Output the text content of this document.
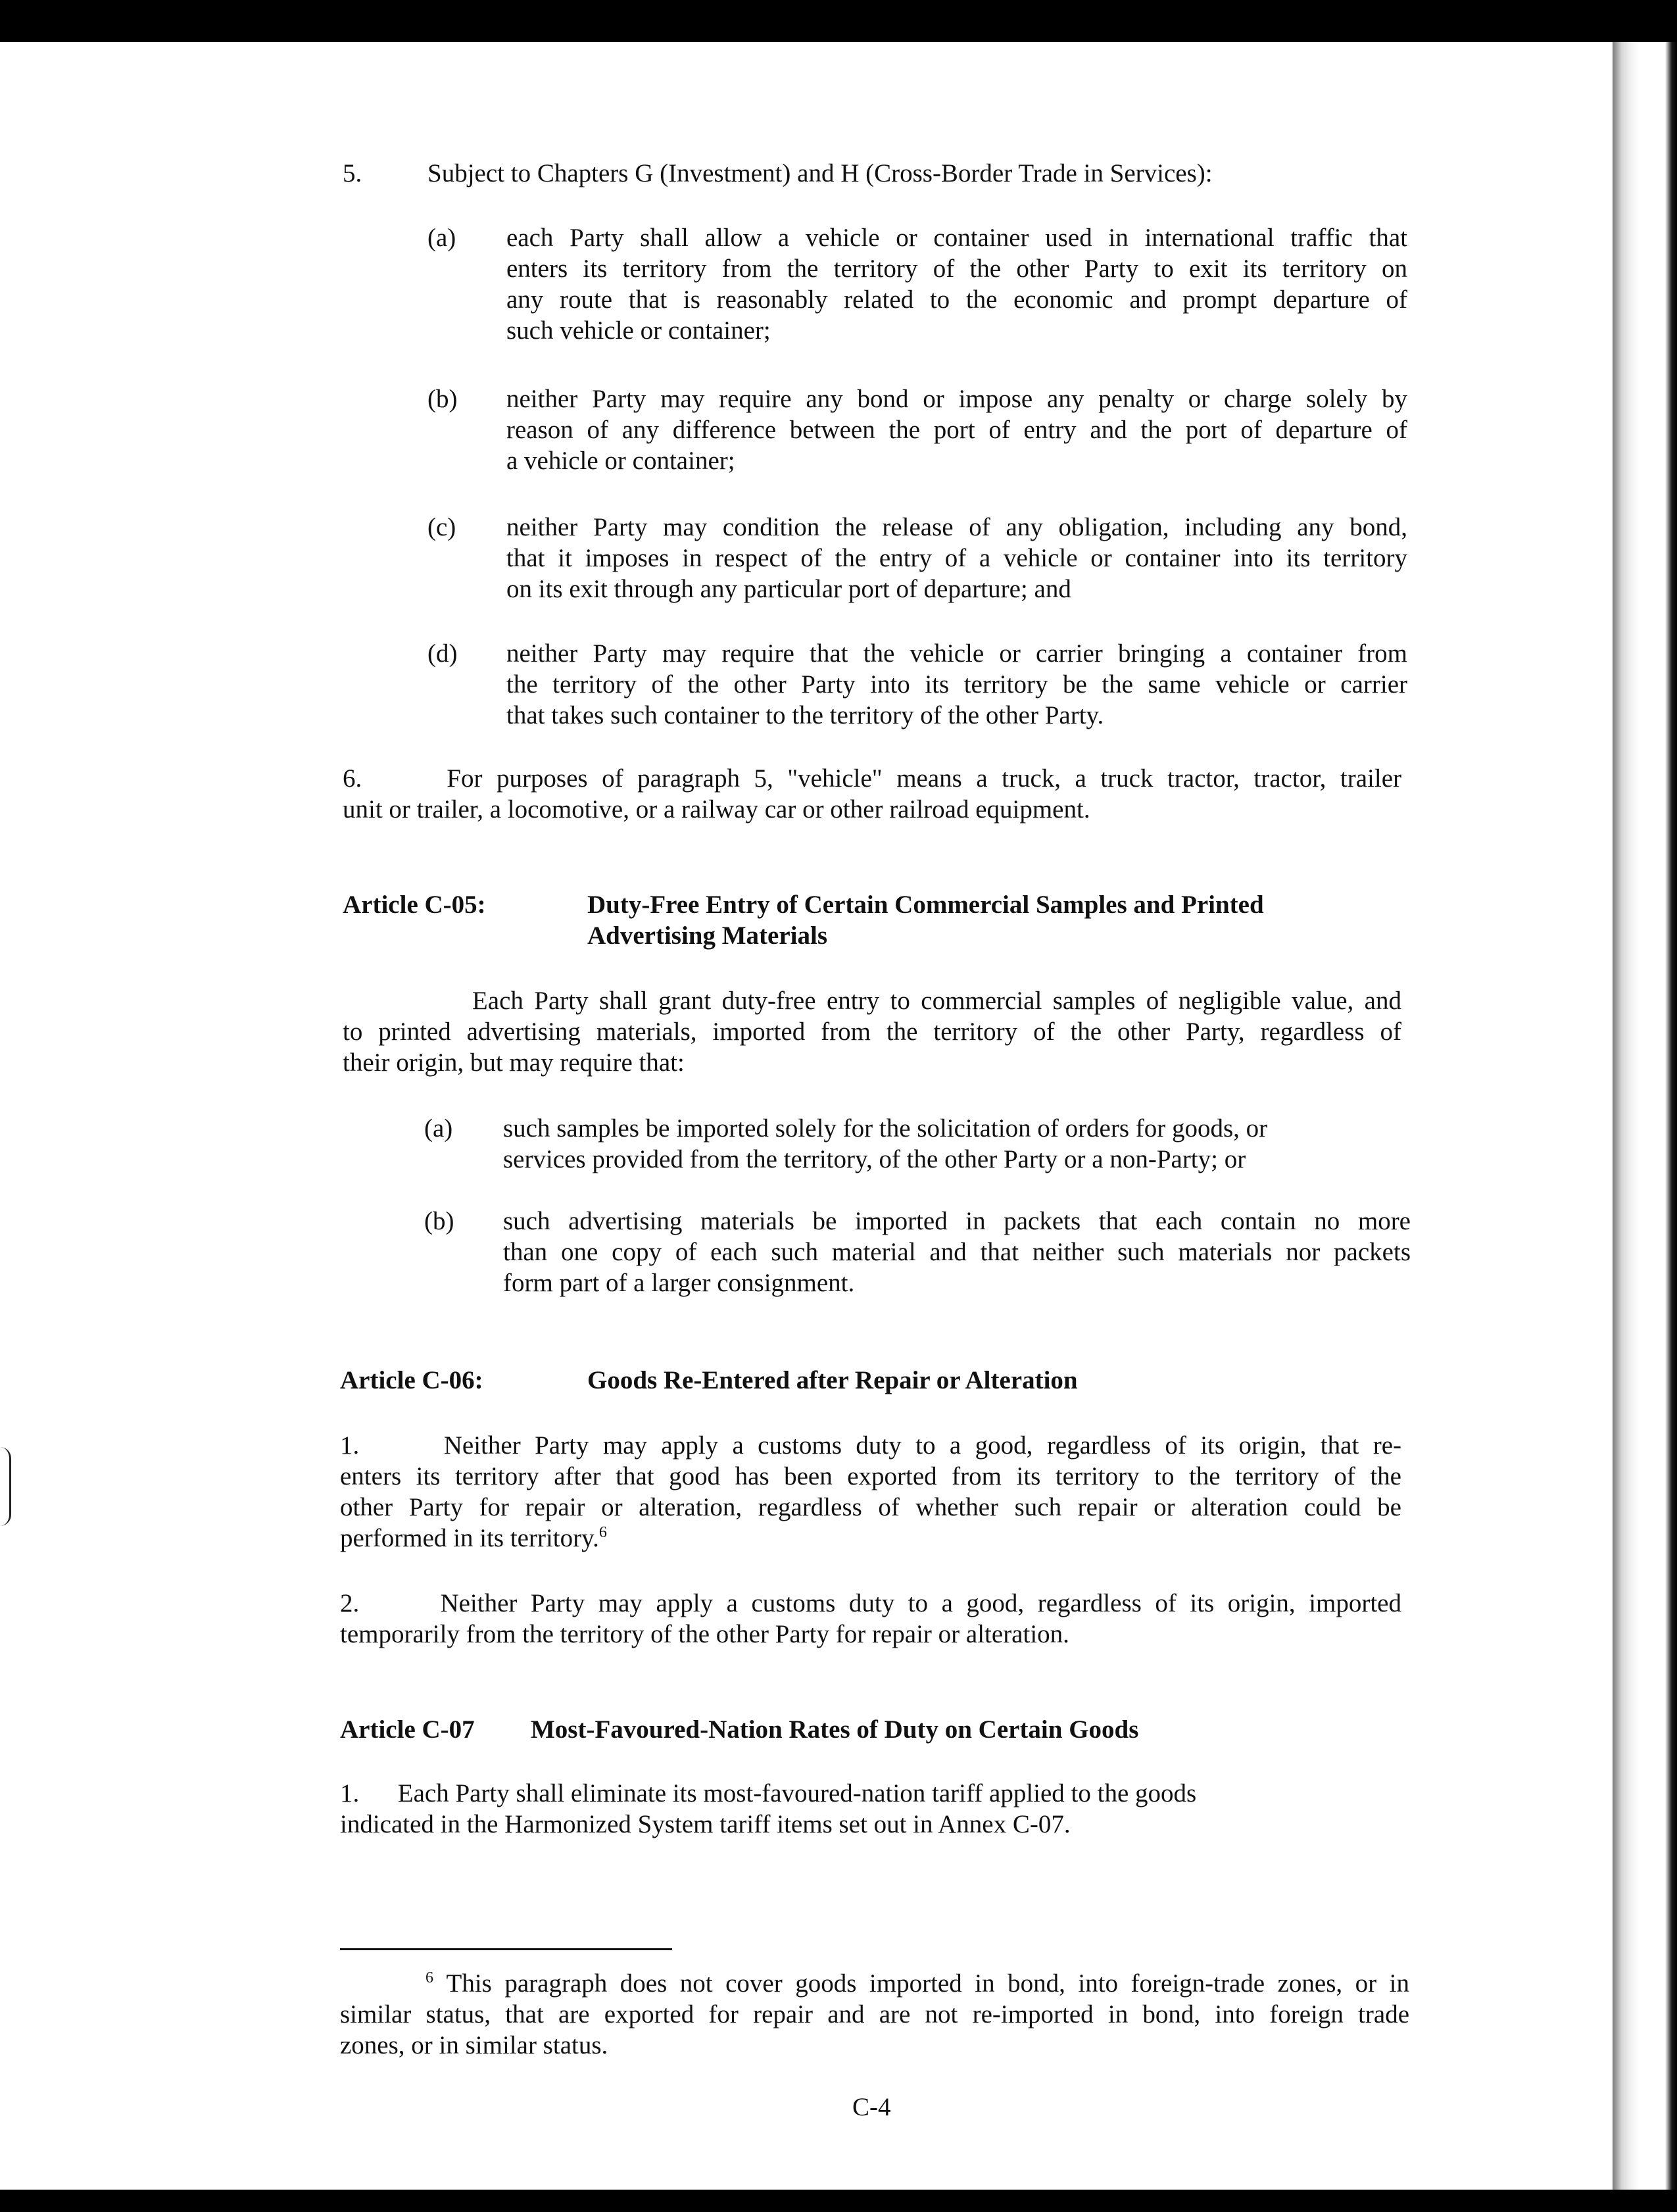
5.	Subject to Chapters G (Investment) and H (Cross-Border Trade in Services):
(a) each Party shall allow a vehicle or container used in international traffic that
enters its territory from the territory of the other Party to exit its territory on
any route that is reasonably related to the economic and prompt departure of
such vehicle or container;
(b) neither Party may require any bond or impose any penalty or charge solely by
reason of any difference between the port of entry and the port of departure of
a vehicle or container;
(c) neither Party may condition the release of any obligation, including any bond,
that it imposes in respect of the entry of a vehicle or container into its territory
on its exit through any particular port of departure; and
(d) neither Party may require that the vehicle or carrier bringing a container from
the territory of the other Party into its territory be the same vehicle or carrier
that takes such container to the territory of the other Party.
6.      For purposes of paragraph 5, "vehicle" means a truck, a truck tractor, tractor, trailer
unit or trailer, a locomotive, or a railway car or other railroad equipment.
Article C-05:	Duty-Free Entry of Certain Commercial Samples and Printed
Advertising Materials
Each Party shall grant duty-free entry to commercial samples of negligible value, and
to printed advertising materials, imported from the territory of the other Party, regardless of
their origin, but may require that:
(a) such samples be imported solely for the solicitation of orders for goods, or
services provided from the territory, of the other Party or a non-Party; or
(b) such advertising materials be imported in packets that each contain no more
than one copy of each such material and that neither such materials nor packets
form part of a larger consignment.
Article C-06:	Goods Re-Entered after Repair or Alteration
1.      Neither Party may apply a customs duty to a good, regardless of its origin, that re-
enters its territory after that good has been exported from its territory to the territory of the
other Party for repair or alteration, regardless of whether such repair or alteration could be
performed in its territory.$^6$
2.      Neither Party may apply a customs duty to a good, regardless of its origin, imported
temporarily from the territory of the other Party for repair or alteration.
Article C-07 Most-Favoured-Nation Rates of Duty on Certain Goods
1.      Each Party shall eliminate its most-favoured-nation tariff applied to the goods
indicated in the Harmonized System tariff items set out in Annex C-07.
$^6$ This paragraph does not cover goods imported in bond, into foreign-trade zones, or in
similar status, that are exported for repair and are not re-imported in bond, into foreign trade
zones, or in similar status.
C-4
